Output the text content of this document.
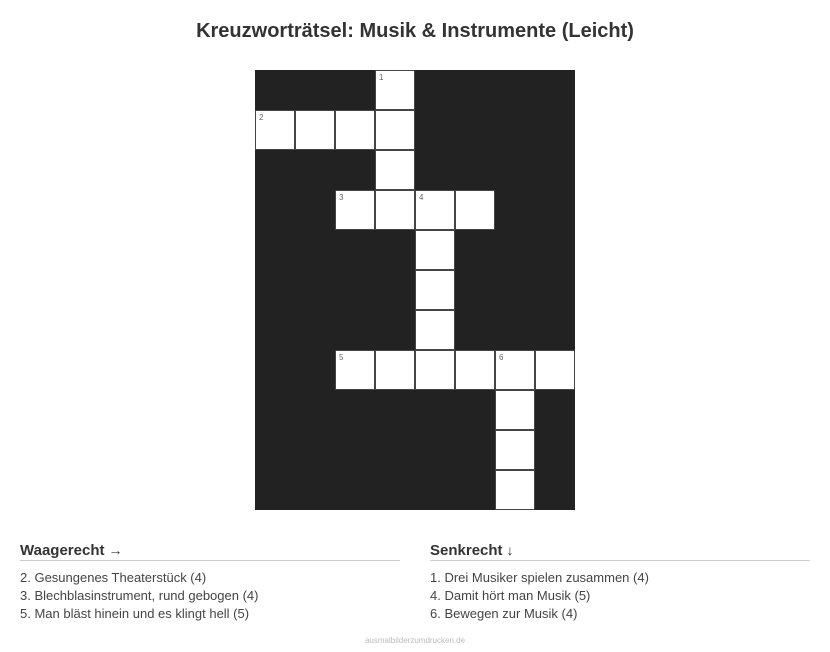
Kreuzworträtsel: Musik & Instrumente (Leicht)
1
2
3	4
5	6
Waagerecht →
2. Gesungenes Theaterstück (4)
3. Blechblasinstrument, rund gebogen (4)
5. Man bläst hinein und es klingt hell (5)
Senkrecht ↓
1. Drei Musiker spielen zusammen (4)
4. Damit hört man Musik (5)
6. Bewegen zur Musik (4)
ausmalbilderzumdrucken.de
